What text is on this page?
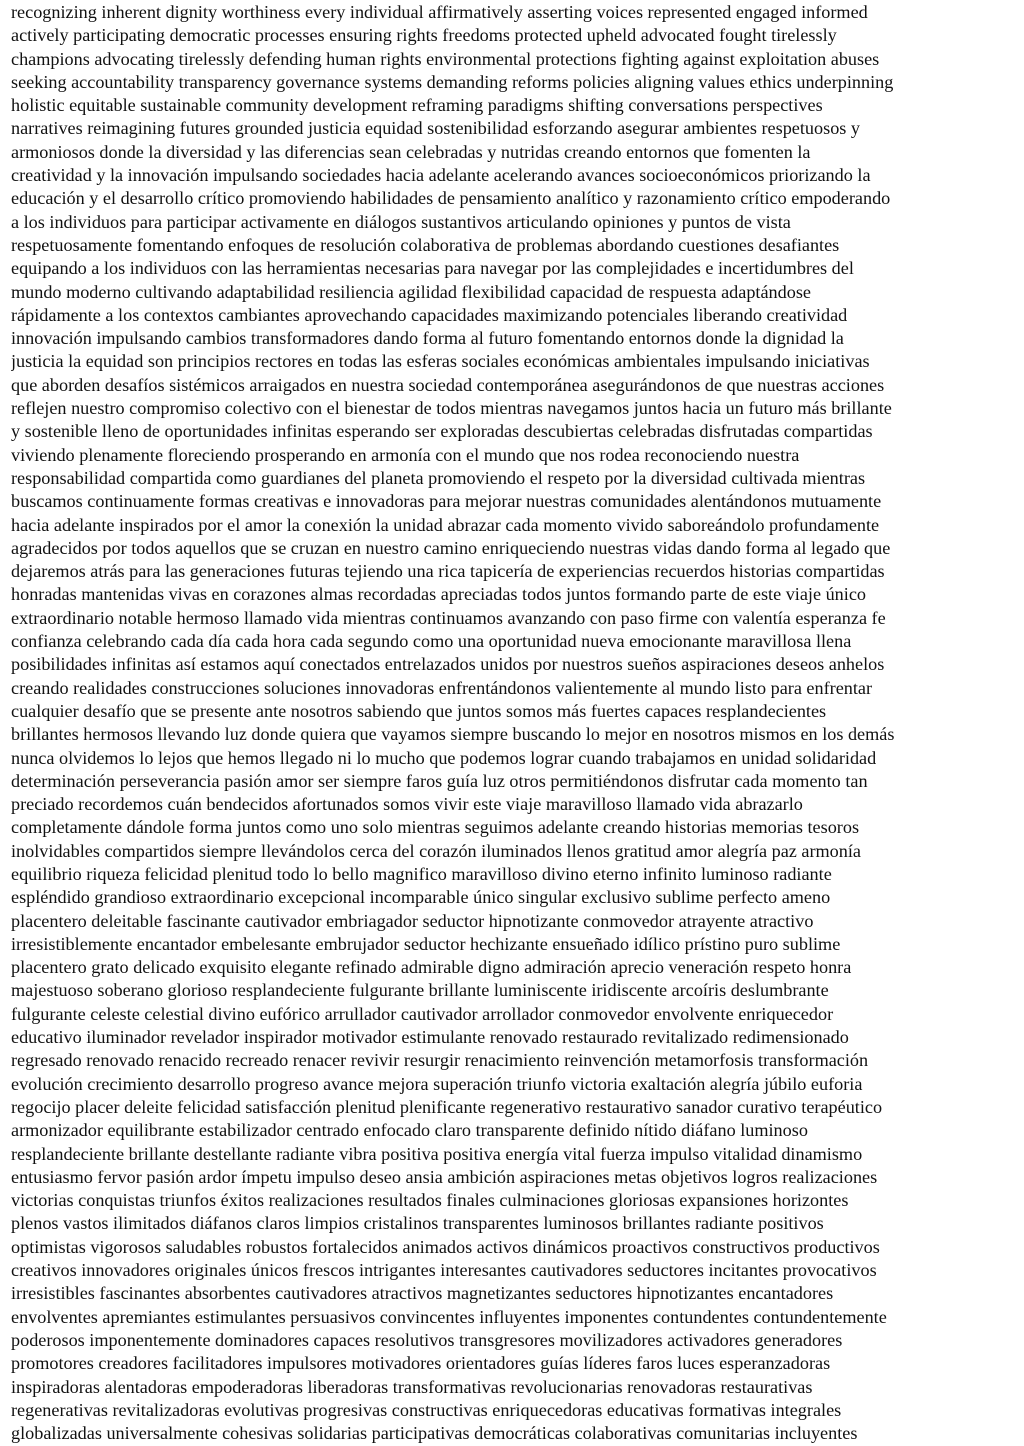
recognizing inherent dignity worthiness every individual affirmatively asserting voices represented engaged informed
actively participating democratic processes ensuring rights freedoms protected upheld advocated fought tirelessly
champions advocating tirelessly defending human rights environmental protections fighting against exploitation abuses
seeking accountability transparency governance systems demanding reforms policies aligning values ethics underpinning
holistic equitable sustainable community development reframing paradigms shifting conversations perspectives
narratives reimagining futures grounded justicia equidad sostenibilidad esforzando asegurar ambientes respetuosos y
armoniosos donde la diversidad y las diferencias sean celebradas y nutridas creando entornos que fomenten la
creatividad y la innovación impulsando sociedades hacia adelante acelerando avances socioeconómicos priorizando la
educación y el desarrollo crítico promoviendo habilidades de pensamiento analítico y razonamiento crítico empoderando
a los individuos para participar activamente en diálogos sustantivos articulando opiniones y puntos de vista
respetuosamente fomentando enfoques de resolución colaborativa de problemas abordando cuestiones desafiantes
equipando a los individuos con las herramientas necesarias para navegar por las complejidades e incertidumbres del
mundo moderno cultivando adaptabilidad resiliencia agilidad flexibilidad capacidad de respuesta adaptándose
rápidamente a los contextos cambiantes aprovechando capacidades maximizando potenciales liberando creatividad
innovación impulsando cambios transformadores dando forma al futuro fomentando entornos donde la dignidad la
justicia la equidad son principios rectores en todas las esferas sociales económicas ambientales impulsando iniciativas
que aborden desafíos sistémicos arraigados en nuestra sociedad contemporánea asegurándonos de que nuestras acciones
reflejen nuestro compromiso colectivo con el bienestar de todos mientras navegamos juntos hacia un futuro más brillante
y sostenible lleno de oportunidades infinitas esperando ser exploradas descubiertas celebradas disfrutadas compartidas
viviendo plenamente floreciendo prosperando en armonía con el mundo que nos rodea reconociendo nuestra
responsabilidad compartida como guardianes del planeta promoviendo el respeto por la diversidad cultivada mientras
buscamos continuamente formas creativas e innovadoras para mejorar nuestras comunidades alentándonos mutuamente
hacia adelante inspirados por el amor la conexión la unidad abrazar cada momento vivido saboreándolo profundamente
agradecidos por todos aquellos que se cruzan en nuestro camino enriqueciendo nuestras vidas dando forma al legado que
dejaremos atrás para las generaciones futuras tejiendo una rica tapicería de experiencias recuerdos historias compartidas
honradas mantenidas vivas en corazones almas recordadas apreciadas todos juntos formando parte de este viaje único
extraordinario notable hermoso llamado vida mientras continuamos avanzando con paso firme con valentía esperanza fe
confianza celebrando cada día cada hora cada segundo como una oportunidad nueva emocionante maravillosa llena
posibilidades infinitas así estamos aquí conectados entrelazados unidos por nuestros sueños aspiraciones deseos anhelos
creando realidades construcciones soluciones innovadoras enfrentándonos valientemente al mundo listo para enfrentar
cualquier desafío que se presente ante nosotros sabiendo que juntos somos más fuertes capaces resplandecientes
brillantes hermosos llevando luz donde quiera que vayamos siempre buscando lo mejor en nosotros mismos en los demás
nunca olvidemos lo lejos que hemos llegado ni lo mucho que podemos lograr cuando trabajamos en unidad solidaridad
determinación perseverancia pasión amor ser siempre faros guía luz otros permitiéndonos disfrutar cada momento tan
preciado recordemos cuán bendecidos afortunados somos vivir este viaje maravilloso llamado vida abrazarlo
completamente dándole forma juntos como uno solo mientras seguimos adelante creando historias memorias tesoros
inolvidables compartidos siempre llevándolos cerca del corazón iluminados llenos gratitud amor alegría paz armonía
equilibrio riqueza felicidad plenitud todo lo bello magnifico maravilloso divino eterno infinito luminoso radiante
espléndido grandioso extraordinario excepcional incomparable único singular exclusivo sublime perfecto ameno
placentero deleitable fascinante cautivador embriagador seductor hipnotizante conmovedor atrayente atractivo
irresistiblemente encantador embelesante embrujador seductor hechizante ensueñado idílico prístino puro sublime
placentero grato delicado exquisito elegante refinado admirable digno admiración aprecio veneración respeto honra
majestuoso soberano glorioso resplandeciente fulgurante brillante luminiscente iridiscente arcoíris deslumbrante
fulgurante celeste celestial divino eufórico arrullador cautivador arrollador conmovedor envolvente enriquecedor
educativo iluminador revelador inspirador motivador estimulante renovado restaurado revitalizado redimensionado
regresado renovado renacido recreado renacer revivir resurgir renacimiento reinvención metamorfosis transformación
evolución crecimiento desarrollo progreso avance mejora superación triunfo victoria exaltación alegría júbilo euforia
regocijo placer deleite felicidad satisfacción plenitud plenificante regenerativo restaurativo sanador curativo terapéutico
armonizador equilibrante estabilizador centrado enfocado claro transparente definido nítido diáfano luminoso
resplandeciente brillante destellante radiante vibra positiva positiva energía vital fuerza impulso vitalidad dinamismo
entusiasmo fervor pasión ardor ímpetu impulso deseo ansia ambición aspiraciones metas objetivos logros realizaciones
victorias conquistas triunfos éxitos realizaciones resultados finales culminaciones gloriosas expansiones horizontes
plenos vastos ilimitados diáfanos claros limpios cristalinos transparentes luminosos brillantes radiante positivos
optimistas vigorosos saludables robustos fortalecidos animados activos dinámicos proactivos constructivos productivos
creativos innovadores originales únicos frescos intrigantes interesantes cautivadores seductores incitantes provocativos
irresistibles fascinantes absorbentes cautivadores atractivos magnetizantes seductores hipnotizantes encantadores
envolventes apremiantes estimulantes persuasivos convincentes influyentes imponentes contundentes contundentemente
poderosos imponentemente dominadores capaces resolutivos transgresores movilizadores activadores generadores
promotores creadores facilitadores impulsores motivadores orientadores guías líderes faros luces esperanzadoras
inspiradoras alentadoras empoderadoras liberadoras transformativas revolucionarias renovadoras restaurativas
regenerativas revitalizadoras evolutivas progresivas constructivas enriquecedoras educativas formativas integrales
globalizadas universalmente cohesivas solidarias participativas democráticas colaborativas comunitarias incluyentes
